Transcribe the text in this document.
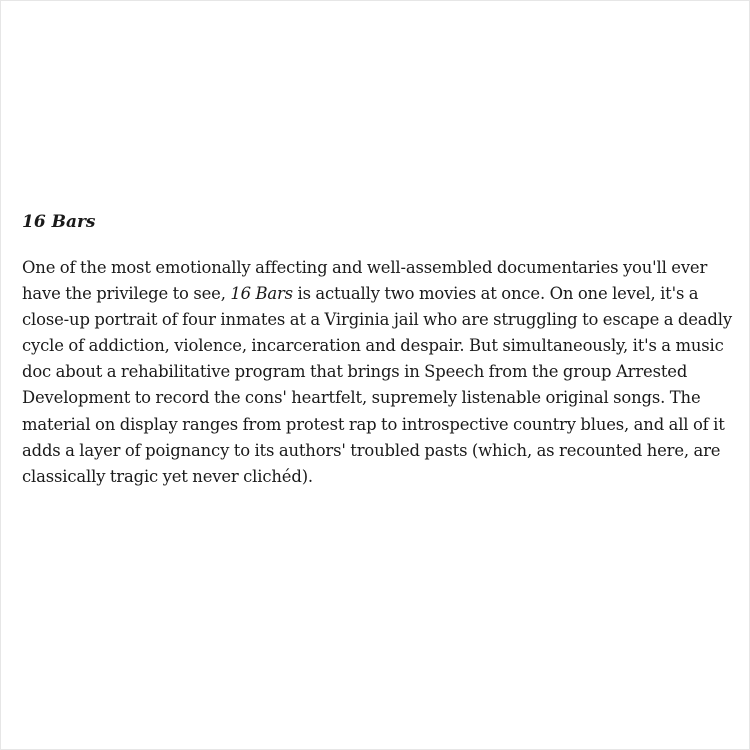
16 Bars

One of the most emotionally affecting and well-assembled documentaries you'll ever have the privilege to see, 16 Bars is actually two movies at once. On one level, it's a close-up portrait of four inmates at a Virginia jail who are struggling to escape a deadly cycle of addiction, violence, incarceration and despair. But simultaneously, it's a music doc about a rehabilitative program that brings in Speech from the group Arrested Development to record the cons' heartfelt, supremely listenable original songs. The material on display ranges from protest rap to introspective country blues, and all of it adds a layer of poignancy to its authors' troubled pasts (which, as recounted here, are classically tragic yet never clichéd).
